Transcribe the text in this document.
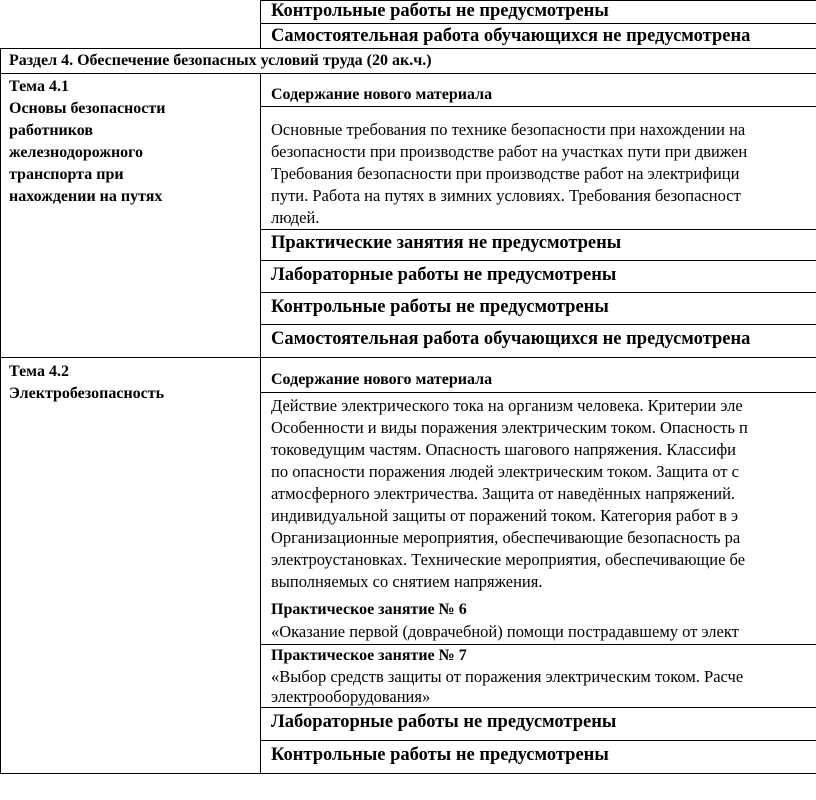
Контрольные работы не предусмотрены
Самостоятельная работа обучающихся не предусмотрена
Раздел 4. Обеспечение безопасных условий труда (20 ак.ч.)
Тема 4.1
Основы безопасности
работников
железнодорожного
транспорта при
нахождении на путях
Содержание нового материала
Основные требования по технике безопасности при нахождении на
безопасности при производстве работ на участках пути при движен
Требования безопасности при производстве работ на электрифици
пути. Работа на путях в зимних условиях. Требования безопасност
людей.
Практические занятия не предусмотрены
Лабораторные работы не предусмотрены
Контрольные работы не предусмотрены
Самостоятельная работа обучающихся не предусмотрена
Тема 4.2
Электробезопасность
Содержание нового материала
Действие электрического тока на организм человека. Критерии эле
Особенности и виды поражения электрическим током. Опасность п
токоведущим частям. Опасность шагового напряжения. Классифи
по опасности поражения людей электрическим током. Защита от с
атмосферного электричества. Защита от наведённых напряжений.
индивидуальной защиты от поражений током. Категория работ в э
Организационные мероприятия, обеспечивающие безопасность ра
электроустановках. Технические мероприятия, обеспечивающие бе
выполняемых со снятием напряжения.
Практическое занятие № 6
«Оказание первой (доврачебной) помощи пострадавшему от элект
Практическое занятие № 7
«Выбор средств защиты от поражения электрическим током. Расче
электрооборудования»
Лабораторные работы не предусмотрены
Контрольные работы не предусмотрены
